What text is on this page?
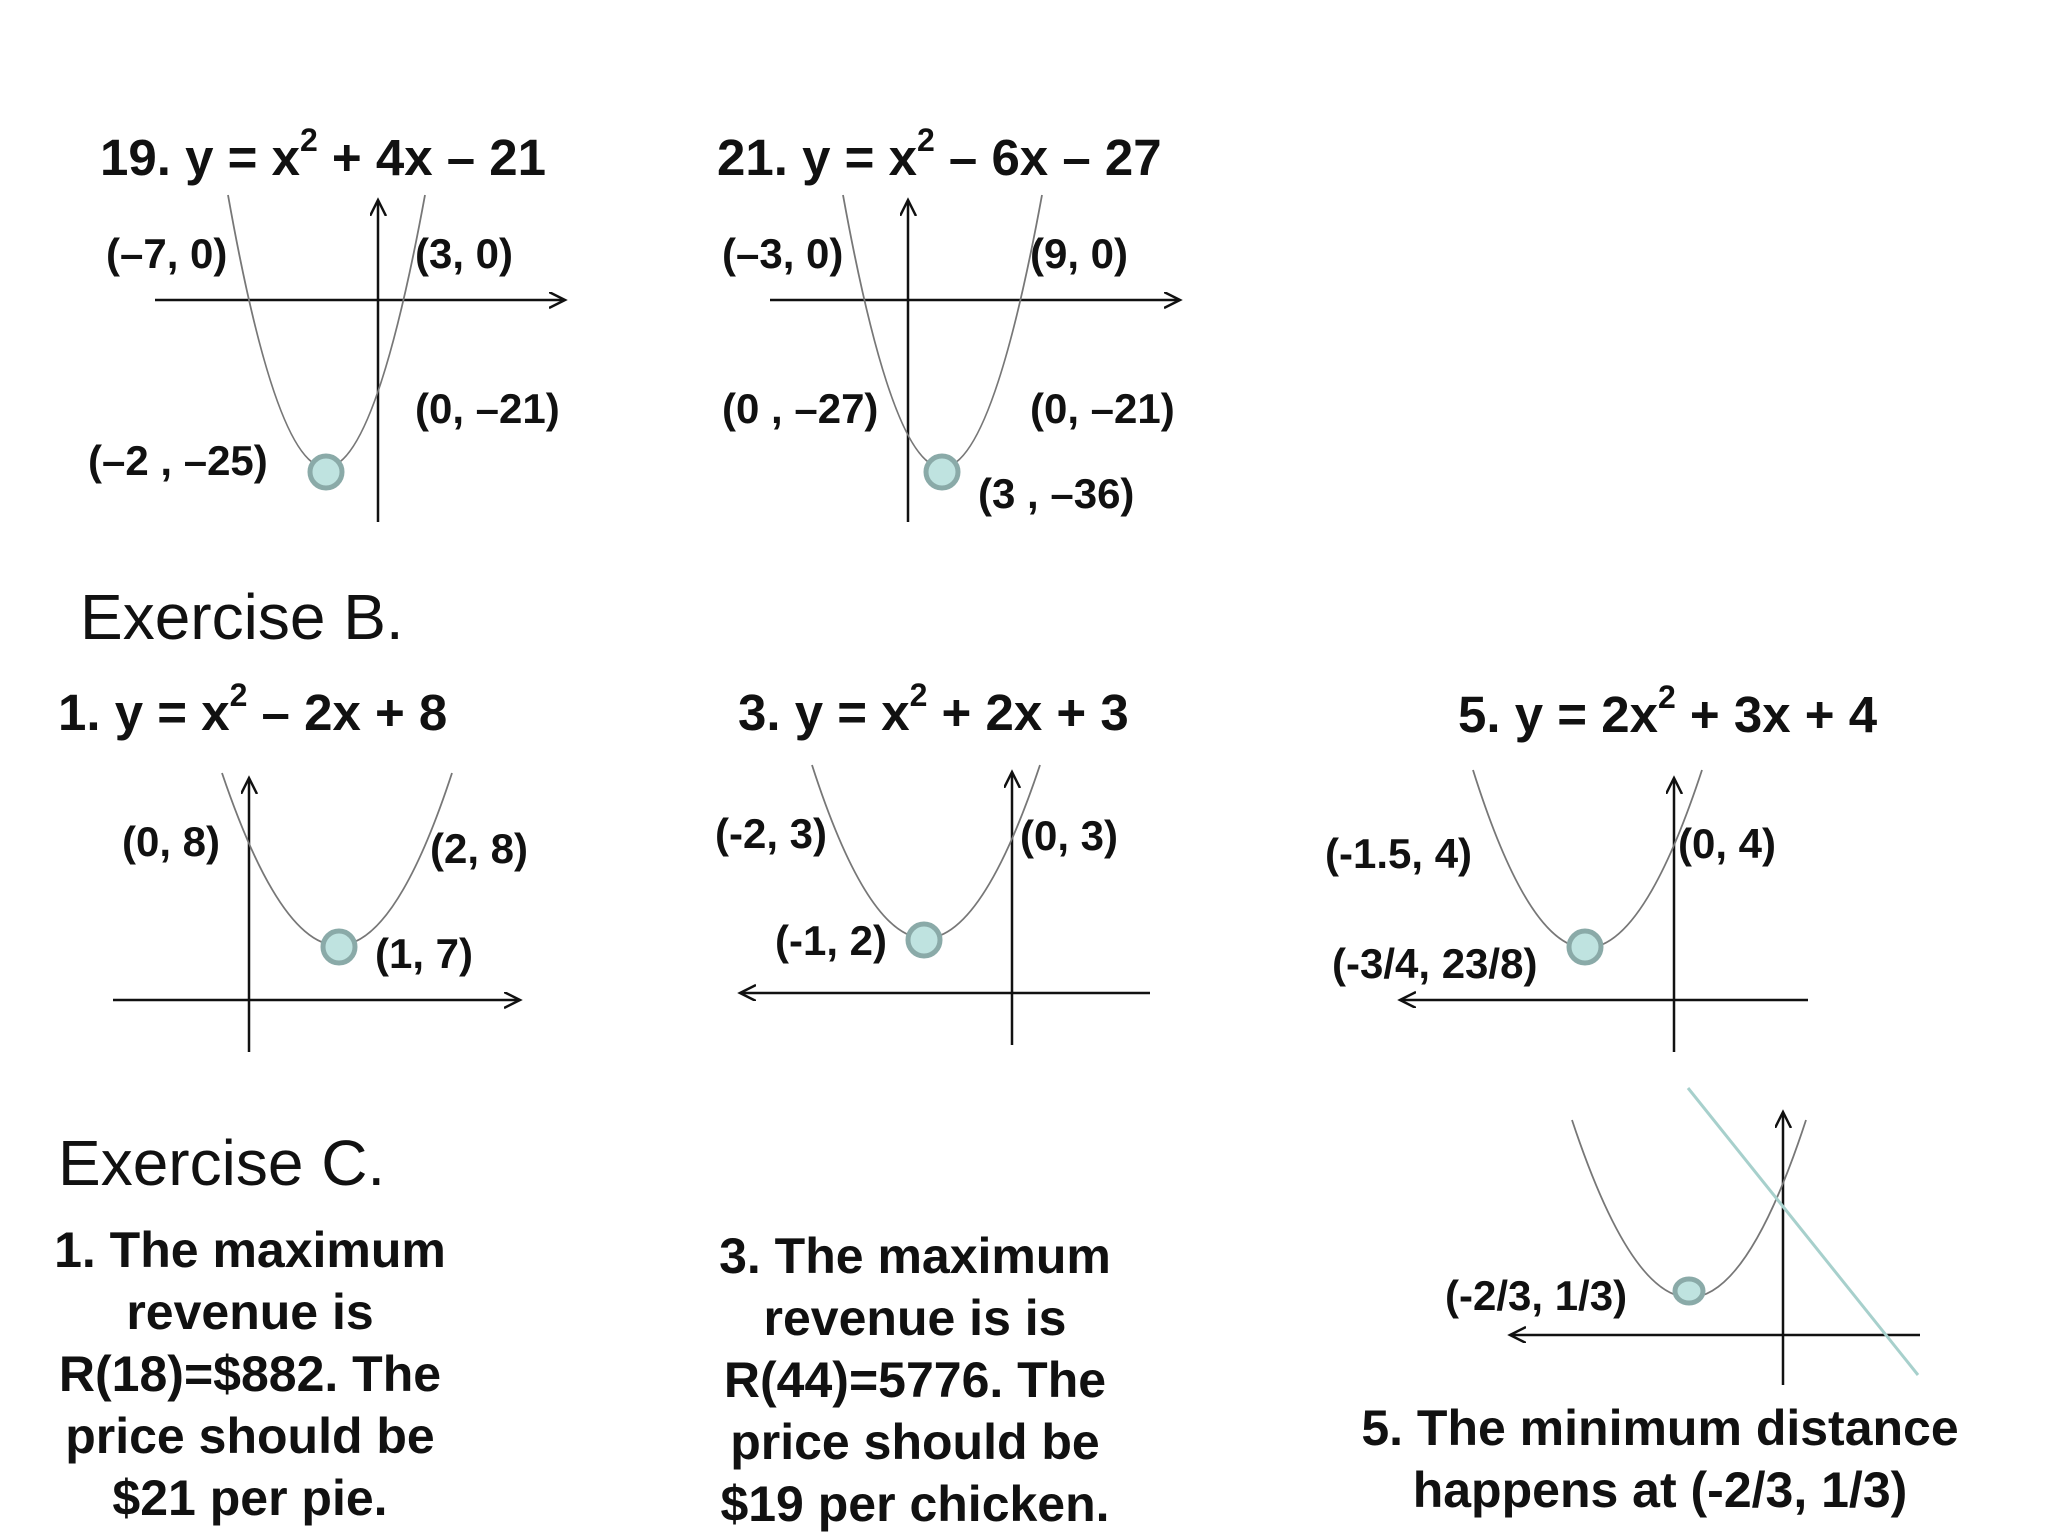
19. $y = x^2 + 4x - 21$
(–7, 0)	(3, 0)
(0, –21)
(–2 , –25)
21. $y = x^2 - 6x - 27$
(–3, 0)	(9, 0)
(0 , –27)	(0, –21)
(3 , –36)
Exercise B.
1. $y = x^2 - 2x + 8$
(0, 8)	(2, 8)
(1, 7)
3. $y = x^2 + 2x + 3$
(-2, 3)	(0, 3)
(-1, 2)
5. $y = 2x^2 + 3x + 4$
(-1.5, 4)	(0, 4)
(-3/4, 23/8)
Exercise C.
1. The maximum
revenue is
R(18)=$882. The
price should be
$21 per pie.
3. The maximum
revenue is is
R(44)=5776. The
price should be
$19 per chicken.
(-2/3, 1/3)
5. The minimum distance
happens at (-2/3, 1/3)
